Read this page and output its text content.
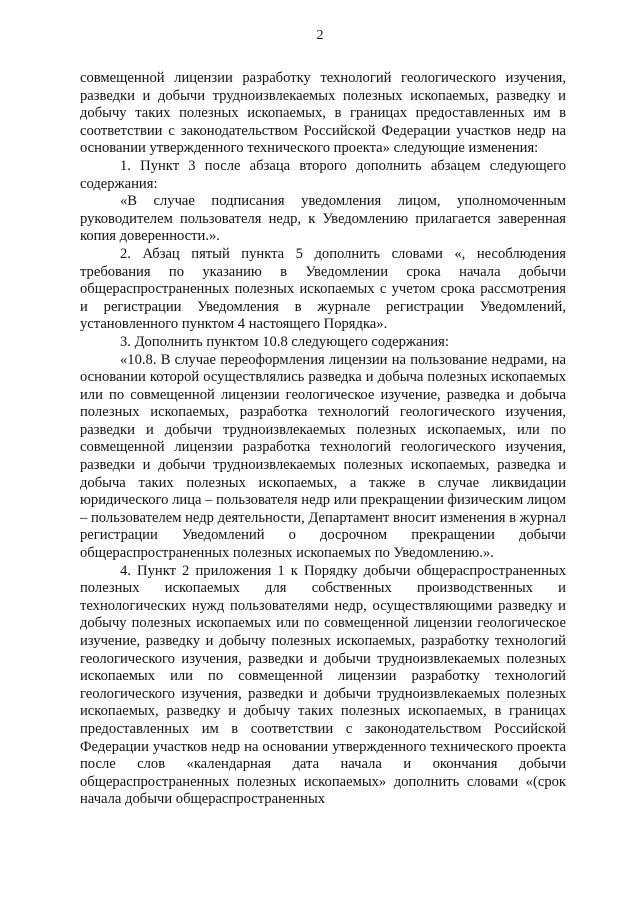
2

совмещенной лицензии разработку технологий геологического изучения, разведки и добычи трудноизвлекаемых полезных ископаемых, разведку и добычу таких полезных ископаемых, в границах предоставленных им в соответствии с законодательством Российской Федерации участков недр на основании утвержденного технического проекта» следующие изменения:

1. Пункт 3 после абзаца второго дополнить абзацем следующего содержания:

«В случае подписания уведомления лицом, уполномоченным руководителем пользователя недр, к Уведомлению прилагается заверенная копия доверенности.».

2. Абзац пятый пункта 5 дополнить словами «, несоблюдения требования по указанию в Уведомлении срока начала добычи общераспространенных полезных ископаемых с учетом срока рассмотрения и регистрации Уведомления в журнале регистрации Уведомлений, установленного пунктом 4 настоящего Порядка».

3. Дополнить пунктом 10.8 следующего содержания:

«10.8. В случае переоформления лицензии на пользование недрами, на основании которой осуществлялись разведка и добыча полезных ископаемых или по совмещенной лицензии геологическое изучение, разведка и добыча полезных ископаемых, разработка технологий геологического изучения, разведки и добычи трудноизвлекаемых полезных ископаемых, или по совмещенной лицензии разработка технологий геологического изучения, разведки и добычи трудноизвлекаемых полезных ископаемых, разведка и добыча таких полезных ископаемых, а также в случае ликвидации юридического лица – пользователя недр или прекращении физическим лицом – пользователем недр деятельности, Департамент вносит изменения в журнал регистрации Уведомлений о досрочном прекращении добычи общераспространенных полезных ископаемых по Уведомлению.».

4. Пункт 2 приложения 1 к Порядку добычи общераспространенных полезных ископаемых для собственных производственных и технологических нужд пользователями недр, осуществляющими разведку и добычу полезных ископаемых или по совмещенной лицензии геологическое изучение, разведку и добычу полезных ископаемых, разработку технологий геологического изучения, разведки и добычи трудноизвлекаемых полезных ископаемых или по совмещенной лицензии разработку технологий геологического изучения, разведки и добычи трудноизвлекаемых полезных ископаемых, разведку и добычу таких полезных ископаемых, в границах предоставленных им в соответствии с законодательством Российской Федерации участков недр на основании утвержденного технического проекта после слов «календарная дата начала и окончания добычи общераспространенных полезных ископаемых» дополнить словами «(срок начала добычи общераспространенных
